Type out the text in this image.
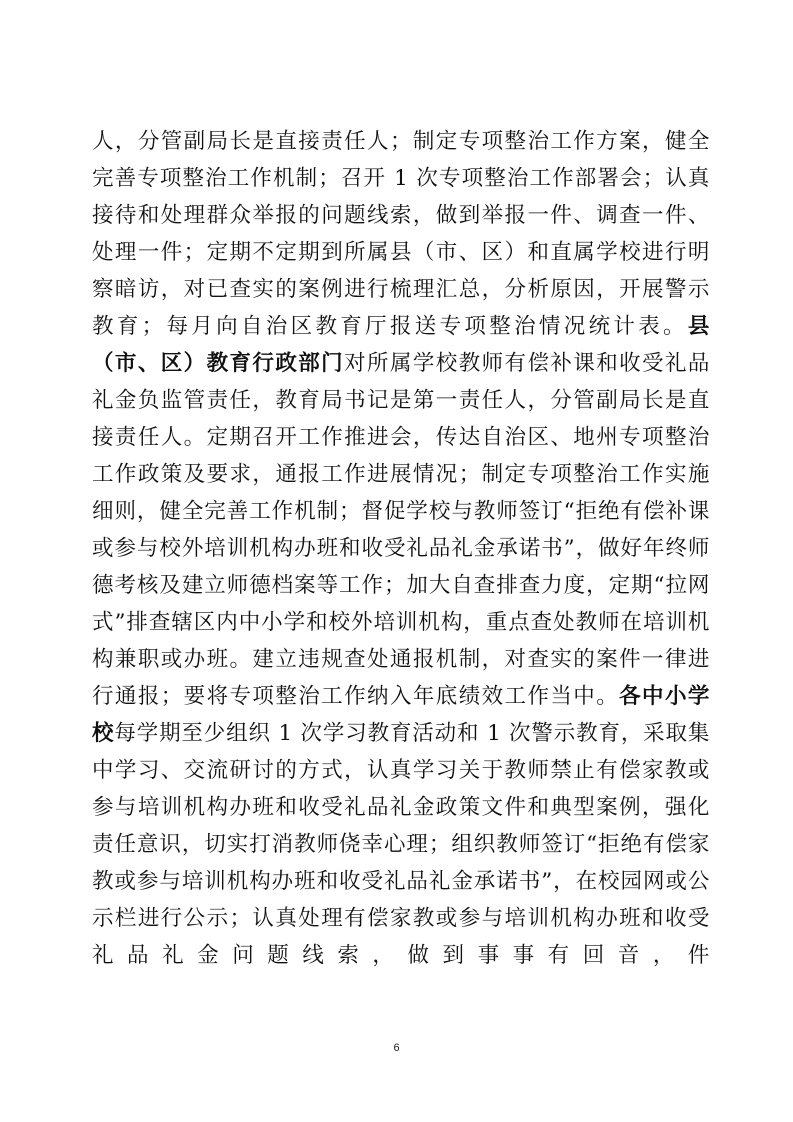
人，分管副局长是直接责任人；制定专项整治工作方案，健全完善专项整治工作机制；召开 1 次专项整治工作部署会；认真接待和处理群众举报的问题线索，做到举报一件、调查一件、处理一件；定期不定期到所属县（市、区）和直属学校进行明察暗访，对已查实的案例进行梳理汇总，分析原因，开展警示教育；每月向自治区教育厅报送专项整治情况统计表。县（市、区）教育行政部门对所属学校教师有偿补课和收受礼品礼金负监管责任，教育局书记是第一责任人，分管副局长是直接责任人。定期召开工作推进会，传达自治区、地州专项整治工作政策及要求，通报工作进展情况；制定专项整治工作实施细则，健全完善工作机制；督促学校与教师签订“拒绝有偿补课或参与校外培训机构办班和收受礼品礼金承诺书”，做好年终师德考核及建立师德档案等工作；加大自查排查力度，定期“拉网式”排查辖区内中小学和校外培训机构，重点查处教师在培训机构兼职或办班。建立违规查处通报机制，对查实的案件一律进行通报；要将专项整治工作纳入年底绩效工作当中。各中小学校每学期至少组织 1 次学习教育活动和 1 次警示教育，采取集中学习、交流研讨的方式，认真学习关于教师禁止有偿家教或参与培训机构办班和收受礼品礼金政策文件和典型案例，强化责任意识，切实打消教师侥幸心理；组织教师签订“拒绝有偿家教或参与培训机构办班和收受礼品礼金承诺书”，在校园网或公示栏进行公示；认真处理有偿家教或参与培训机构办班和收受礼品礼金问题线索，做到事事有回音，件

6
